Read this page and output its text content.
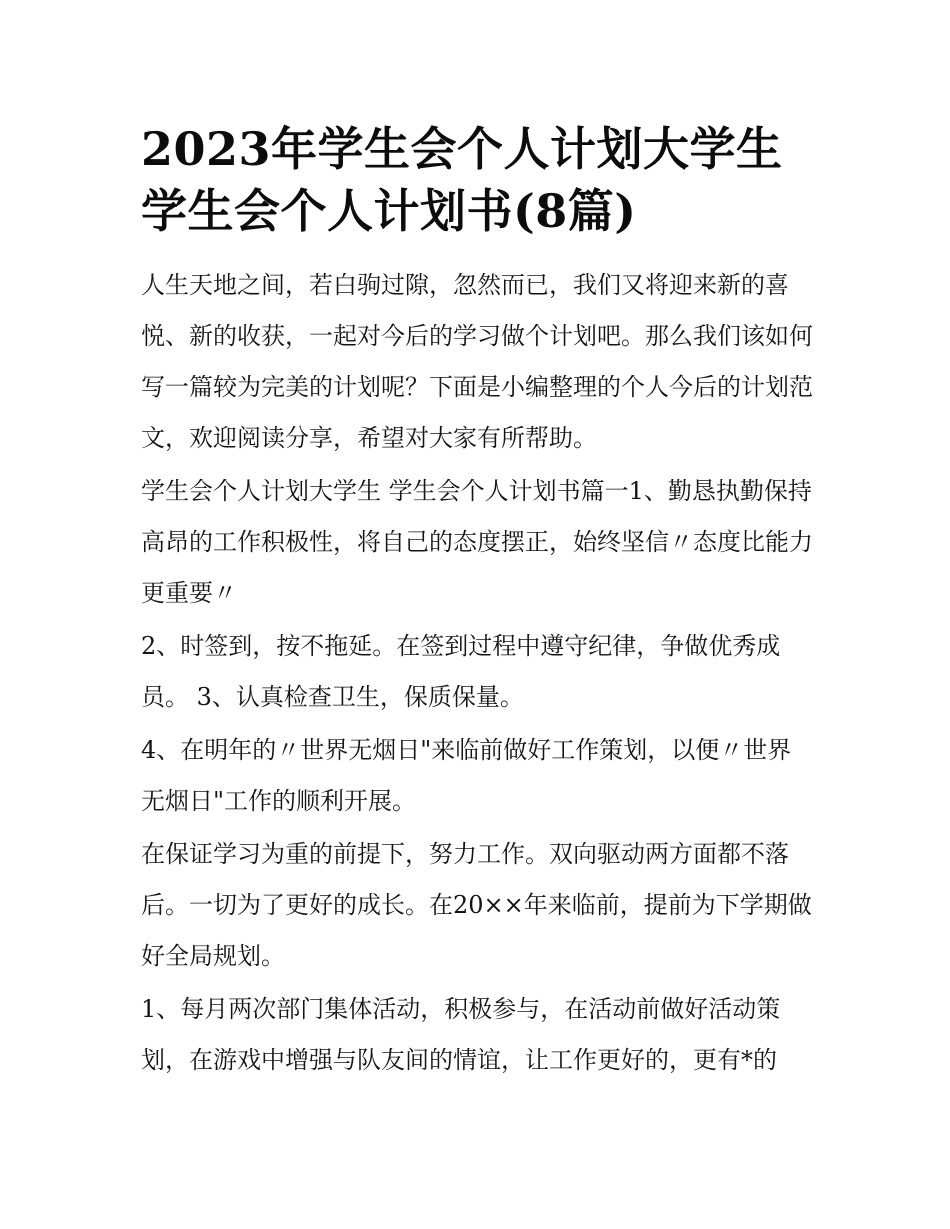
2023年学生会个人计划大学生学生会个人计划书(8篇)

人生天地之间，若白驹过隙，忽然而已，我们又将迎来新的喜悦、新的收获，一起对今后的学习做个计划吧。那么我们该如何写一篇较为完美的计划呢？下面是小编整理的个人今后的计划范文，欢迎阅读分享，希望对大家有所帮助。

学生会个人计划大学生 学生会个人计划书篇一1、勤恳执勤保持高昂的工作积极性，将自己的态度摆正，始终坚信〃态度比能力更重要〃

2、时签到，按不拖延。在签到过程中遵守纪律，争做优秀成员。 3、认真检查卫生，保质保量。

4、在明年的〃世界无烟日"来临前做好工作策划，以便〃世界无烟日"工作的顺利开展。

在保证学习为重的前提下，努力工作。双向驱动两方面都不落后。一切为了更好的成长。在20××年来临前，提前为下学期做好全局规划。

1、每月两次部门集体活动，积极参与，在活动前做好活动策划，在游戏中增强与队友间的情谊，让工作更好的，更有*的
